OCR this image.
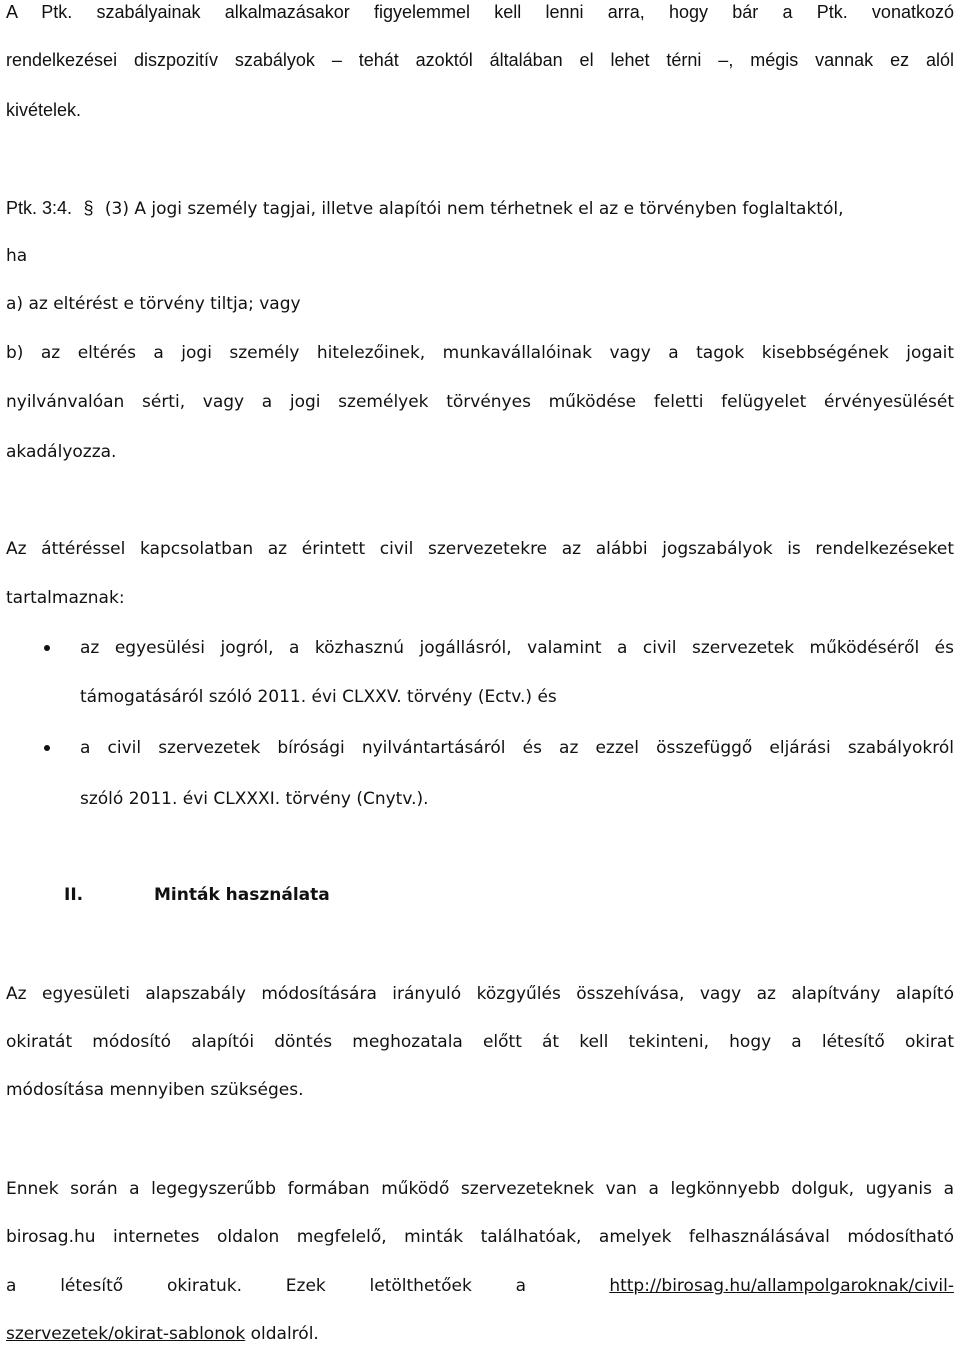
A Ptk. szabályainak alkalmazásakor figyelemmel kell lenni arra, hogy bár a Ptk. vonatkozó
rendelkezései diszpozitív szabályok – tehát azoktól általában el lehet térni –, mégis vannak ez alól
kivételek.
Ptk. 3:4. § (3) A jogi személy tagjai, illetve alapítói nem térhetnek el az e törvényben foglaltaktól,
ha
a) az eltérést e törvény tiltja; vagy
b) az eltérés a jogi személy hitelezőinek, munkavállalóinak vagy a tagok kisebbségének jogait
nyilvánvalóan sérti, vagy a jogi személyek törvényes működése feletti felügyelet érvényesülését
akadályozza.
Az áttéréssel kapcsolatban az érintett civil szervezetekre az alábbi jogszabályok is rendelkezéseket
tartalmaznak:
az egyesülési jogról, a közhasznú jogállásról, valamint a civil szervezetek működéséről és
támogatásáról szóló 2011. évi CLXXV. törvény (Ectv.) és
a civil szervezetek bírósági nyilvántartásáról és az ezzel összefüggő eljárási szabályokról
szóló 2011. évi CLXXXI. törvény (Cnytv.).
II.	Minták használata
Az egyesületi alapszabály módosítására irányuló közgyűlés összehívása, vagy az alapítvány alapító
okiratát módosító alapítói döntés meghozatala előtt át kell tekinteni, hogy a létesítő okirat
módosítása mennyiben szükséges.
Ennek során a legegyszerűbb formában működő szervezeteknek van a legkönnyebb dolguk, ugyanis a
birosag.hu internetes oldalon megfelelő, minták találhatóak, amelyek felhasználásával módosítható
a létesítő okiratuk. Ezek letölthetőek a	http://birosag.hu/allampolgaroknak/civil-
szervezetek/okirat-sablonok oldalról.
